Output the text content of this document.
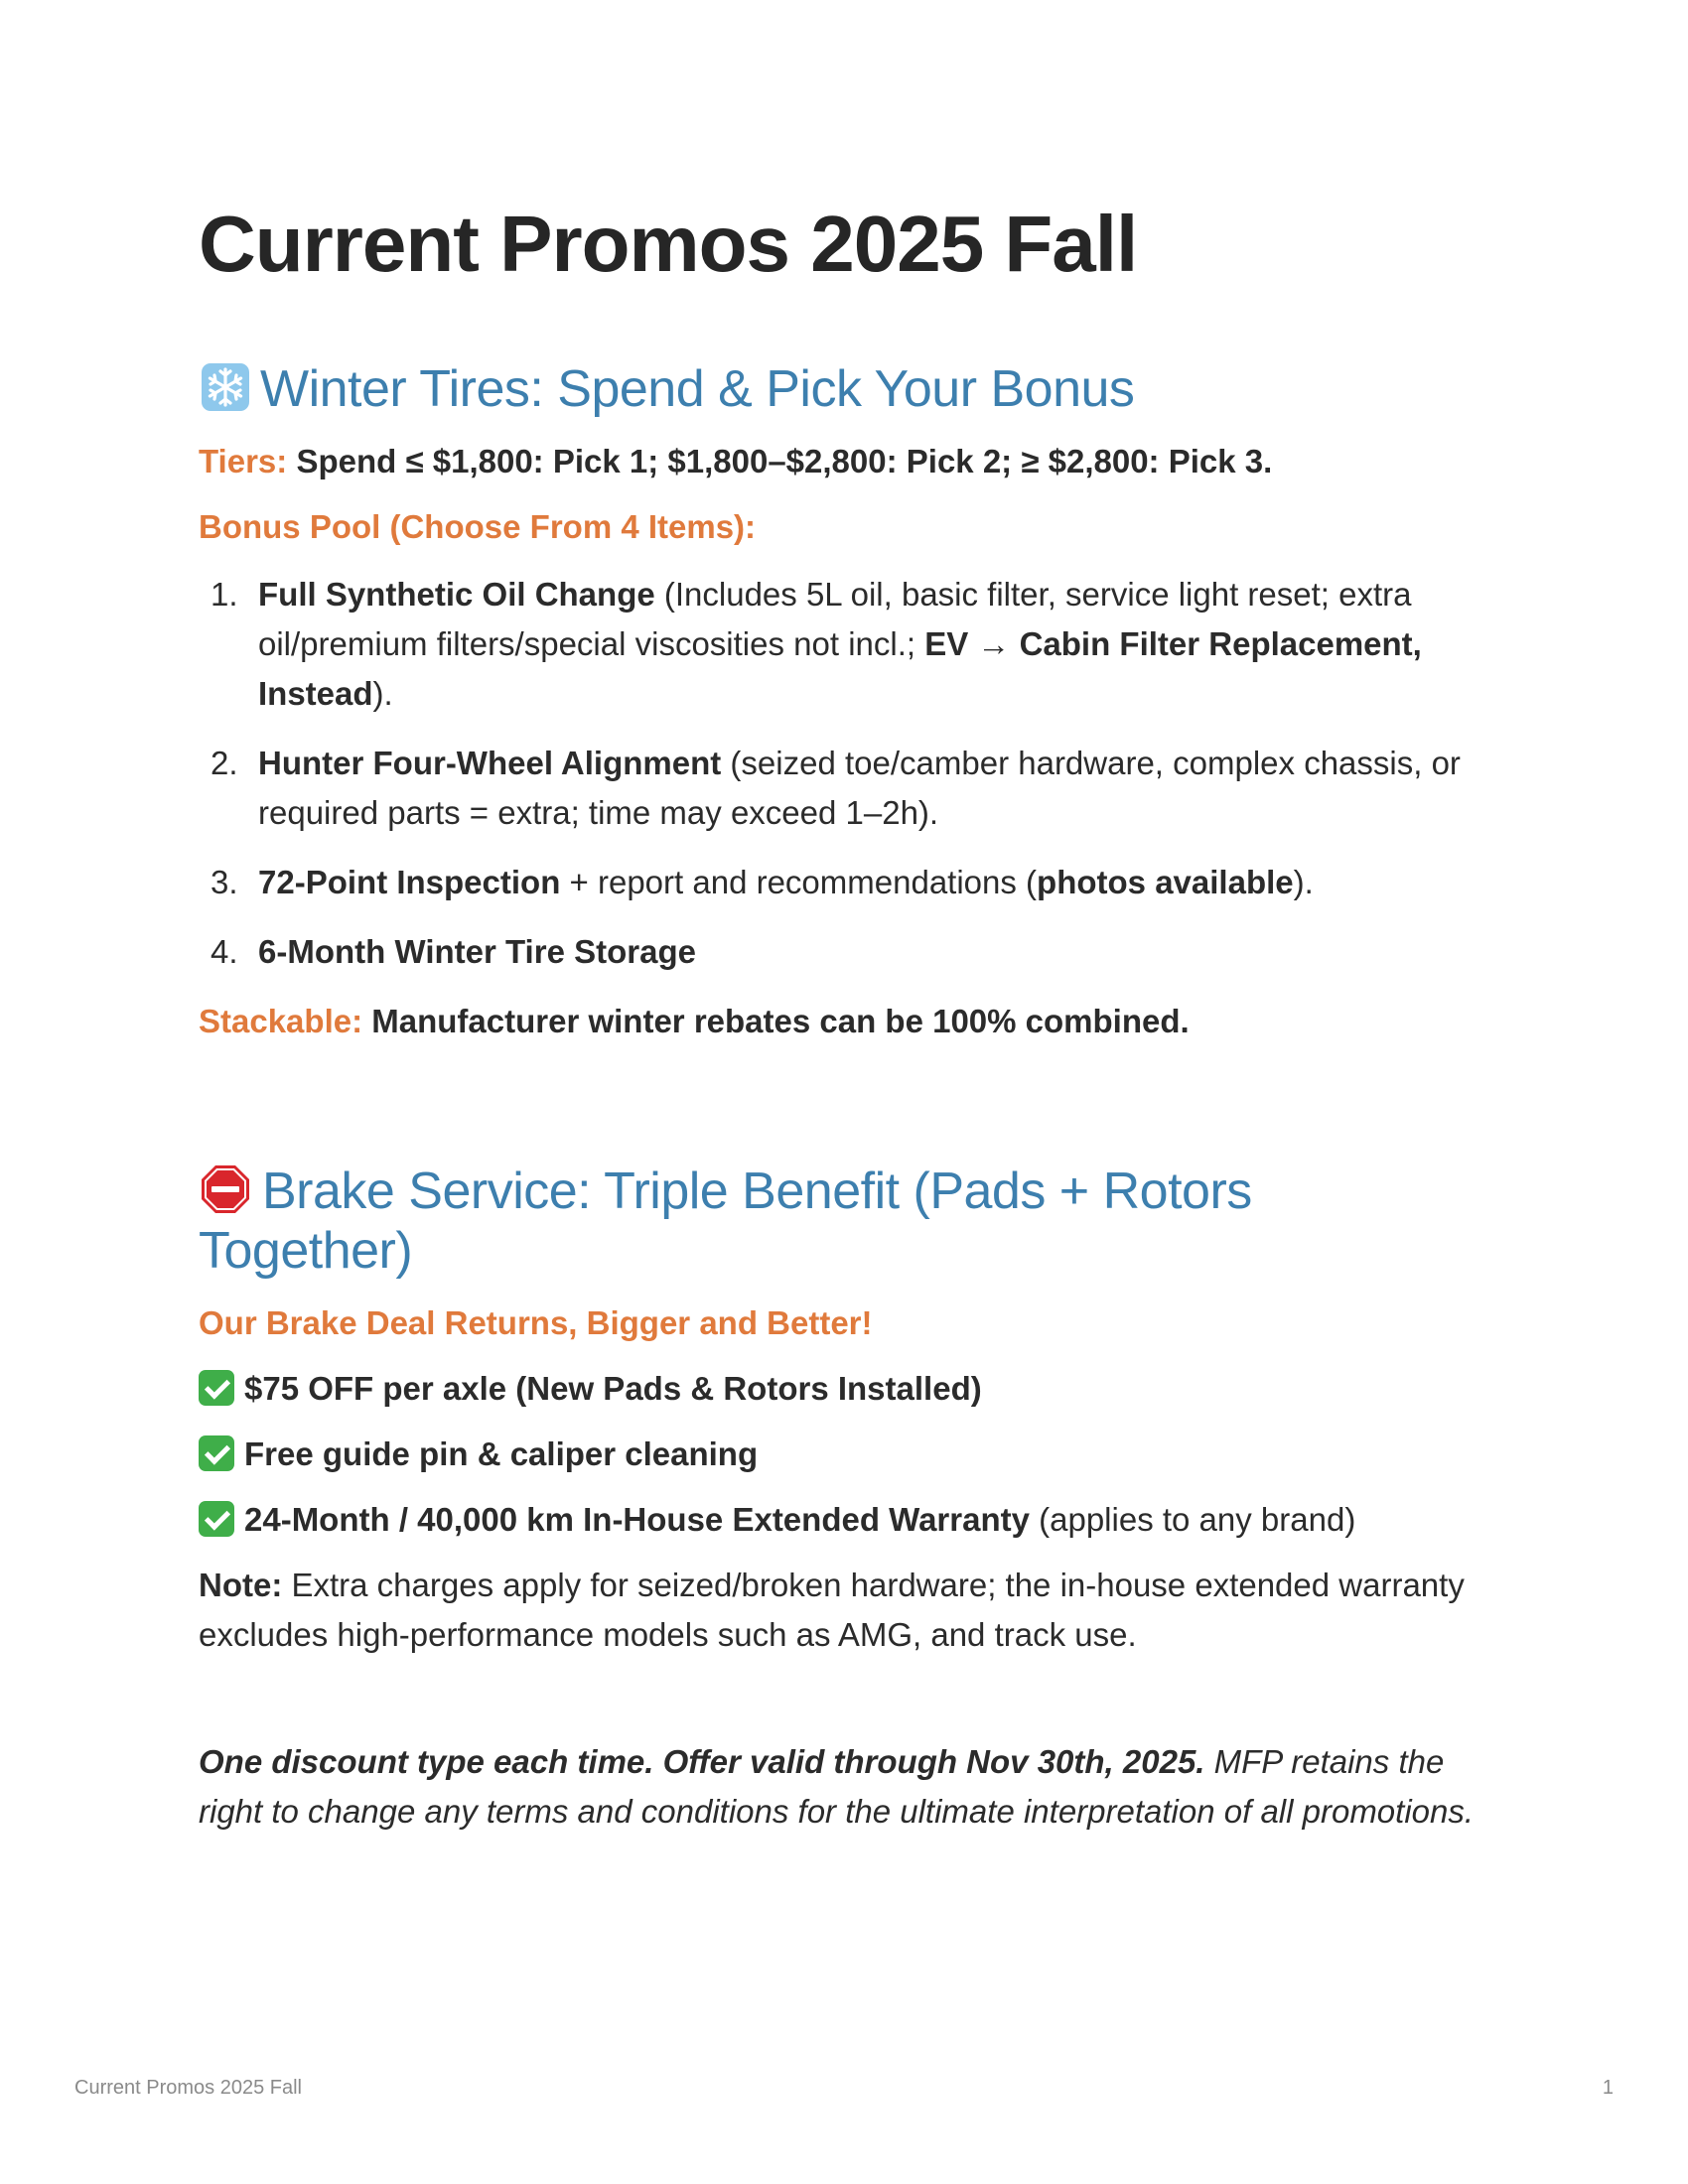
Current Promos 2025 Fall
Winter Tires: Spend & Pick Your Bonus

Tiers: Spend ≤ $1,800: Pick 1; $1,800–$2,800: Pick 2; ≥ $2,800: Pick 3.

Bonus Pool (Choose From 4 Items):

1. Full Synthetic Oil Change (Includes 5L oil, basic filter, service light reset; extra oil/premium filters/special viscosities not incl.; EV → Cabin Filter Replacement, Instead).
2. Hunter Four-Wheel Alignment (seized toe/camber hardware, complex chassis, or required parts = extra; time may exceed 1–2h).
3. 72-Point Inspection + report and recommendations (photos available).
4. 6-Month Winter Tire Storage

Stackable: Manufacturer winter rebates can be 100% combined.

Brake Service: Triple Benefit (Pads + Rotors
Together)

Our Brake Deal Returns, Bigger and Better!

$75 OFF per axle (New Pads & Rotors Installed)

Free guide pin & caliper cleaning

24-Month / 40,000 km In-House Extended Warranty (applies to any brand)

Note: Extra charges apply for seized/broken hardware; the in-house extended warranty excludes high-performance models such as AMG, and track use.

One discount type each time. Offer valid through Nov 30th, 2025. MFP retains the right to change any terms and conditions for the ultimate interpretation of all promotions.

Current Promos 2025 Fall	1
